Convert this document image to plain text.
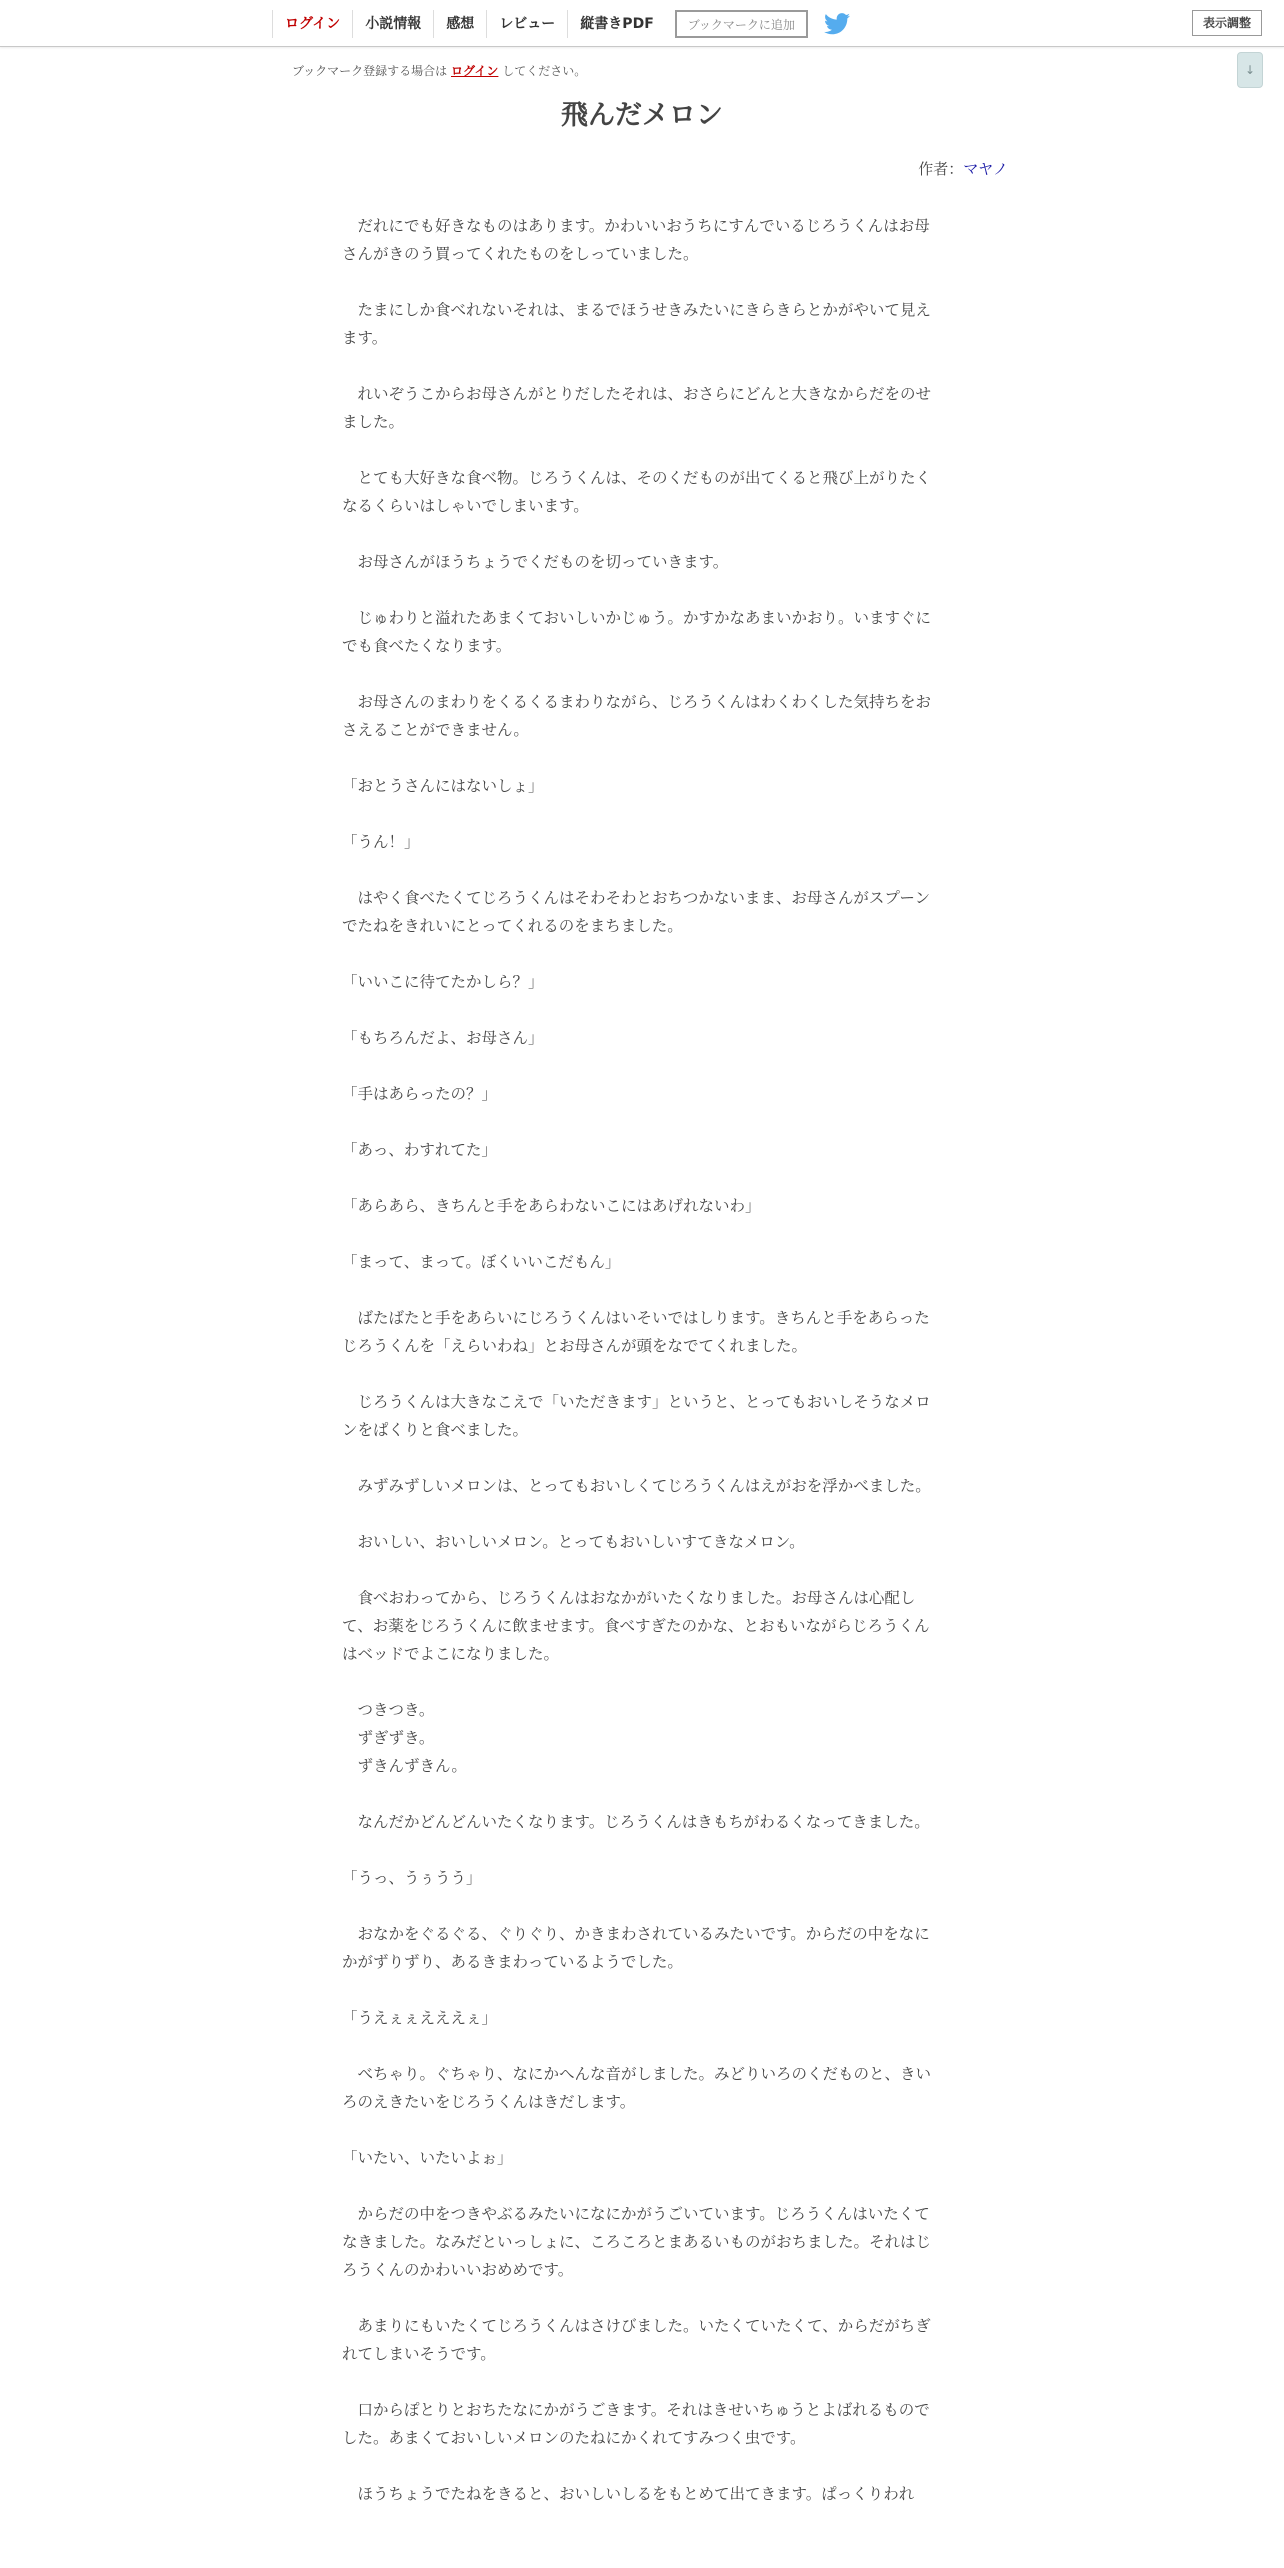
ログイン	小説情報	感想	レビュー	縦書きPDF	ブックマークに追加	表示調整
↓
ブックマーク登録する場合は ログイン してください。
飛んだメロン
作者：マヤノ

　だれにでも好きなものはあります。かわいいおうちにすんでいるじろうくんはお母さんがきのう買ってくれたものをしっていました。

　たまにしか食べれないそれは、まるでほうせきみたいにきらきらとかがやいて見えます。

　れいぞうこからお母さんがとりだしたそれは、おさらにどんと大きなからだをのせました。

　とても大好きな食べ物。じろうくんは、そのくだものが出てくると飛び上がりたくなるくらいはしゃいでしまいます。

　お母さんがほうちょうでくだものを切っていきます。

　じゅわりと溢れたあまくておいしいかじゅう。かすかなあまいかおり。いますぐにでも食べたくなります。

　お母さんのまわりをくるくるまわりながら、じろうくんはわくわくした気持ちをおさえることができません。

「おとうさんにはないしょ」

「うん！」

　はやく食べたくてじろうくんはそわそわとおちつかないまま、お母さんがスプーンでたねをきれいにとってくれるのをまちました。

「いいこに待てたかしら？」

「もちろんだよ、お母さん」

「手はあらったの？」

「あっ、わすれてた」

「あらあら、きちんと手をあらわないこにはあげれないわ」

「まって、まって。ぼくいいこだもん」

　ばたばたと手をあらいにじろうくんはいそいではしります。きちんと手をあらったじろうくんを「えらいわね」とお母さんが頭をなでてくれました。

　じろうくんは大きなこえで「いただきます」というと、とってもおいしそうなメロンをぱくりと食べました。

　みずみずしいメロンは、とってもおいしくてじろうくんはえがおを浮かべました。

　おいしい、おいしいメロン。とってもおいしいすてきなメロン。

　食べおわってから、じろうくんはおなかがいたくなりました。お母さんは心配して、お薬をじろうくんに飲ませます。食べすぎたのかな、とおもいながらじろうくんはベッドでよこになりました。

　つきつき。
　ずぎずき。
　ずきんずきん。

　なんだかどんどんいたくなります。じろうくんはきもちがわるくなってきました。

「うっ、うぅうう」

　おなかをぐるぐる、ぐりぐり、かきまわされているみたいです。からだの中をなにかがずりずり、あるきまわっているようでした。

「うえぇぇえええぇ」

　べちゃり。ぐちゃり、なにかへんな音がしました。みどりいろのくだものと、きいろのえきたいをじろうくんはきだします。

「いたい、いたいよぉ」

　からだの中をつきやぶるみたいになにかがうごいています。じろうくんはいたくてなきました。なみだといっしょに、ころころとまあるいものがおちました。それはじろうくんのかわいいおめめです。

　あまりにもいたくてじろうくんはさけびました。いたくていたくて、からだがちぎれてしまいそうです。

　口からぽとりとおちたなにかがうごきます。それはきせいちゅうとよばれるものでした。あまくておいしいメロンのたねにかくれてすみつく虫です。

　ほうちょうでたねをきると、おいしいしるをもとめて出てきます。ぱっくりわれ
